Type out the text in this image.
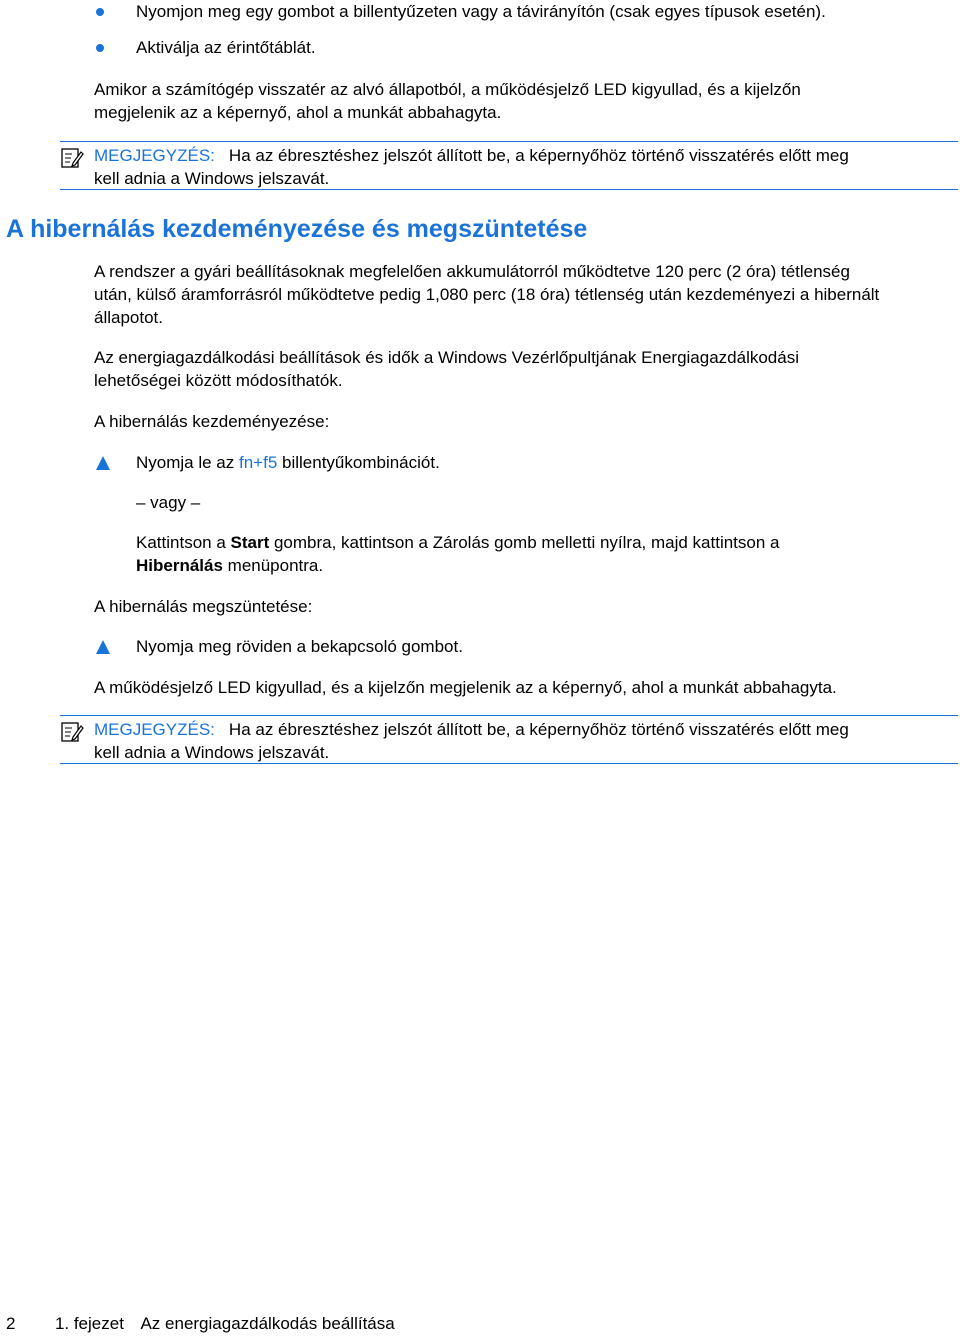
Nyomjon meg egy gombot a billentyűzeten vagy a távirányítón (csak egyes típusok esetén).
Aktiválja az érintőtáblát.
Amikor a számítógép visszatér az alvó állapotból, a működésjelző LED kigyullad, és a kijelzőn
megjelenik az a képernyő, ahol a munkát abbahagyta.
MEGJEGYZÉS: Ha az ébresztéshez jelszót állított be, a képernyőhöz történő visszatérés előtt meg
kell adnia a Windows jelszavát.
A hibernálás kezdeményezése és megszüntetése
A rendszer a gyári beállításoknak megfelelően akkumulátorról működtetve 120 perc (2 óra) tétlenség
után, külső áramforrásról működtetve pedig 1,080 perc (18 óra) tétlenség után kezdeményezi a hibernált
állapotot.
Az energiagazdálkodási beállítások és idők a Windows Vezérlőpultjának Energiagazdálkodási
lehetőségei között módosíthatók.
A hibernálás kezdeményezése:
Nyomja le az fn+f5 billentyűkombinációt.
– vagy –
Kattintson a Start gombra, kattintson a Zárolás gomb melletti nyílra, majd kattintson a
Hibernálás menüpontra.
A hibernálás megszüntetése:
Nyomja meg röviden a bekapcsoló gombot.
A működésjelző LED kigyullad, és a kijelzőn megjelenik az a képernyő, ahol a munkát abbahagyta.
MEGJEGYZÉS: Ha az ébresztéshez jelszót állított be, a képernyőhöz történő visszatérés előtt meg
kell adnia a Windows jelszavát.
2 1. fejezet Az energiagazdálkodás beállítása
